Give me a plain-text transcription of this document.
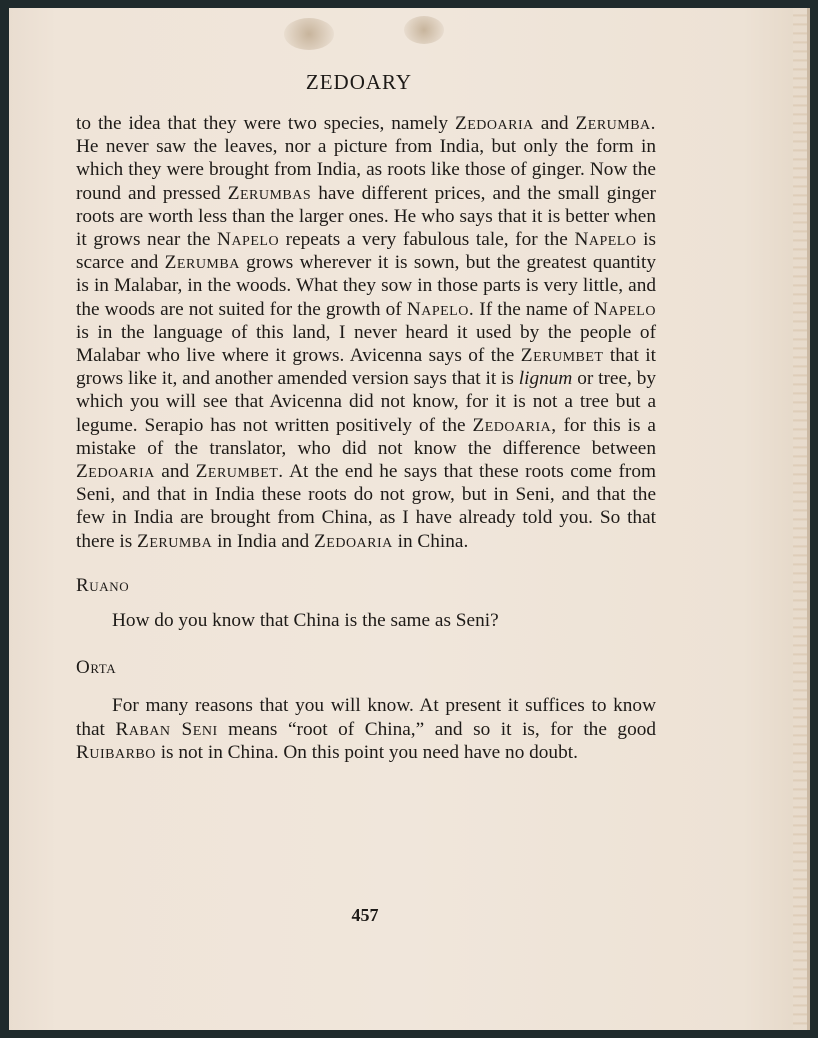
ZEDOARY

to the idea that they were two species, namely Zedoaria and Zerumba. He never saw the leaves, nor a picture from India, but only the form in which they were brought from India, as roots like those of ginger. Now the round and pressed Zerumbas have different prices, and the small ginger roots are worth less than the larger ones. He who says that it is better when it grows near the Napelo repeats a very fabulous tale, for the Napelo is scarce and Zerumba grows wherever it is sown, but the greatest quantity is in Malabar, in the woods. What they sow in those parts is very little, and the woods are not suited for the growth of Napelo. If the name of Napelo is in the language of this land, I never heard it used by the people of Malabar who live where it grows. Avicenna says of the Zerumbet that it grows like it, and another amended version says that it is lignum or tree, by which you will see that Avicenna did not know, for it is not a tree but a legume. Serapio has not written positively of the Zedoaria, for this is a mistake of the translator, who did not know the difference between Zedoaria and Zerumbet. At the end he says that these roots come from Seni, and that in India these roots do not grow, but in Seni, and that the few in India are brought from China, as I have already told you. So that there is Zerumba in India and Zedoaria in China.

Ruano

How do you know that China is the same as Seni?

Orta

For many reasons that you will know. At present it suffices to know that Raban Seni means “root of China,” and so it is, for the good Ruibarbo is not in China. On this point you need have no doubt.

457
